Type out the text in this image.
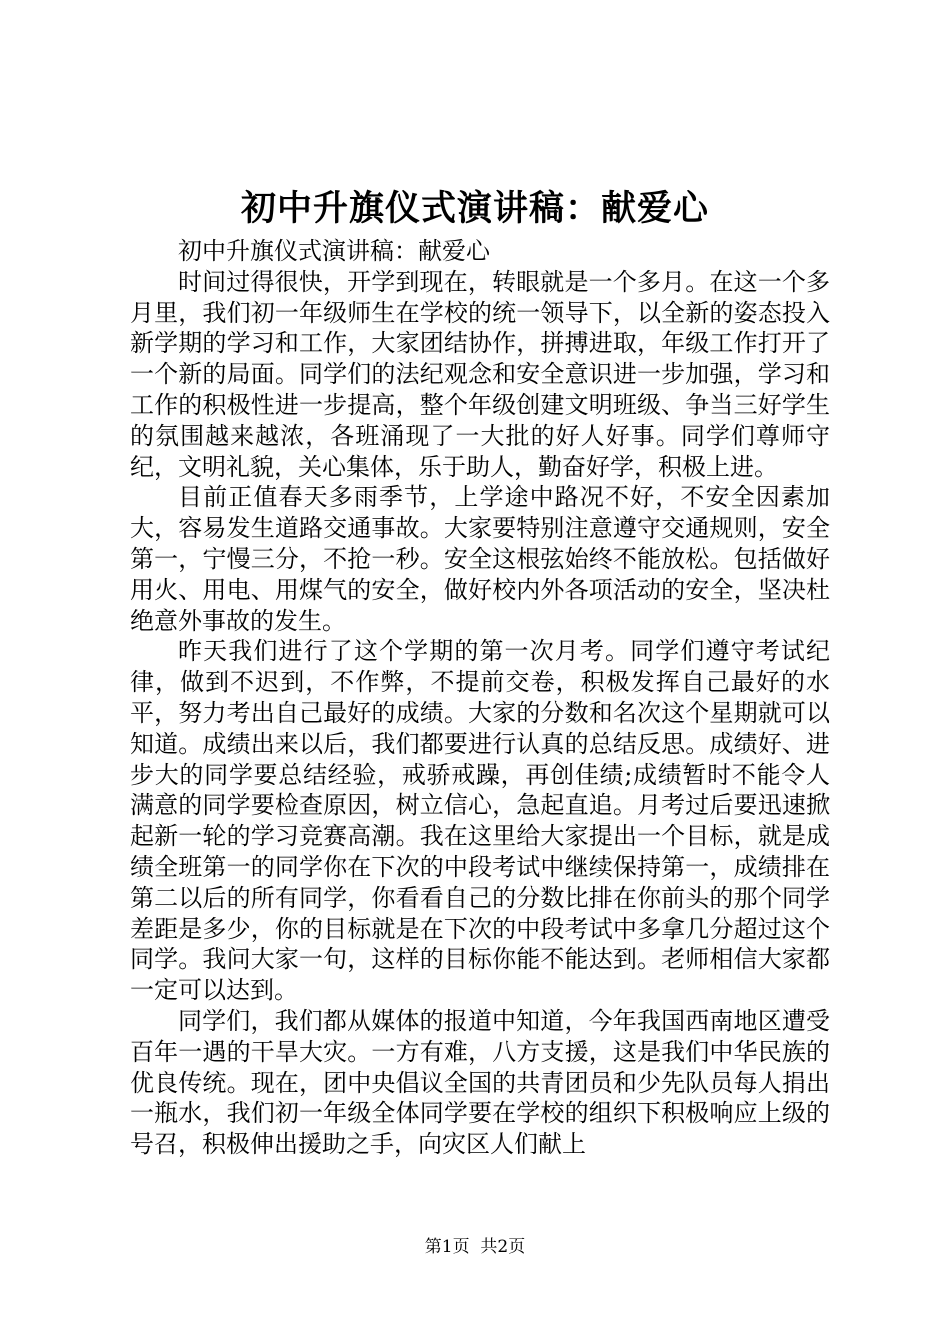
初中升旗仪式演讲稿：献爱心

初中升旗仪式演讲稿：献爱心

时间过得很快，开学到现在，转眼就是一个多月。在这一个多月里，我们初一年级师生在学校的统一领导下，以全新的姿态投入新学期的学习和工作，大家团结协作，拼搏进取，年级工作打开了一个新的局面。同学们的法纪观念和安全意识进一步加强，学习和工作的积极性进一步提高，整个年级创建文明班级、争当三好学生的氛围越来越浓，各班涌现了一大批的好人好事。同学们尊师守纪，文明礼貌，关心集体，乐于助人，勤奋好学，积极上进。

目前正值春天多雨季节，上学途中路况不好，不安全因素加大，容易发生道路交通事故。大家要特别注意遵守交通规则，安全第一，宁慢三分，不抢一秒。安全这根弦始终不能放松。包括做好用火、用电、用煤气的安全，做好校内外各项活动的安全，坚决杜绝意外事故的发生。

昨天我们进行了这个学期的第一次月考。同学们遵守考试纪律，做到不迟到，不作弊，不提前交卷，积极发挥自己最好的水平，努力考出自己最好的成绩。大家的分数和名次这个星期就可以知道。成绩出来以后，我们都要进行认真的总结反思。成绩好、进步大的同学要总结经验，戒骄戒躁，再创佳绩;成绩暂时不能令人满意的同学要检查原因，树立信心，急起直追。月考过后要迅速掀起新一轮的学习竞赛高潮。我在这里给大家提出一个目标，就是成绩全班第一的同学你在下次的中段考试中继续保持第一，成绩排在第二以后的所有同学，你看看自己的分数比排在你前头的那个同学差距是多少，你的目标就是在下次的中段考试中多拿几分超过这个同学。我问大家一句，这样的目标你能不能达到。老师相信大家都一定可以达到。

同学们，我们都从媒体的报道中知道，今年我国西南地区遭受百年一遇的干旱大灾。一方有难，八方支援，这是我们中华民族的优良传统。现在，团中央倡议全国的共青团员和少先队员每人捐出一瓶水，我们初一年级全体同学要在学校的组织下积极响应上级的号召，积极伸出援助之手，向灾区人们献上

第1页  共2页
